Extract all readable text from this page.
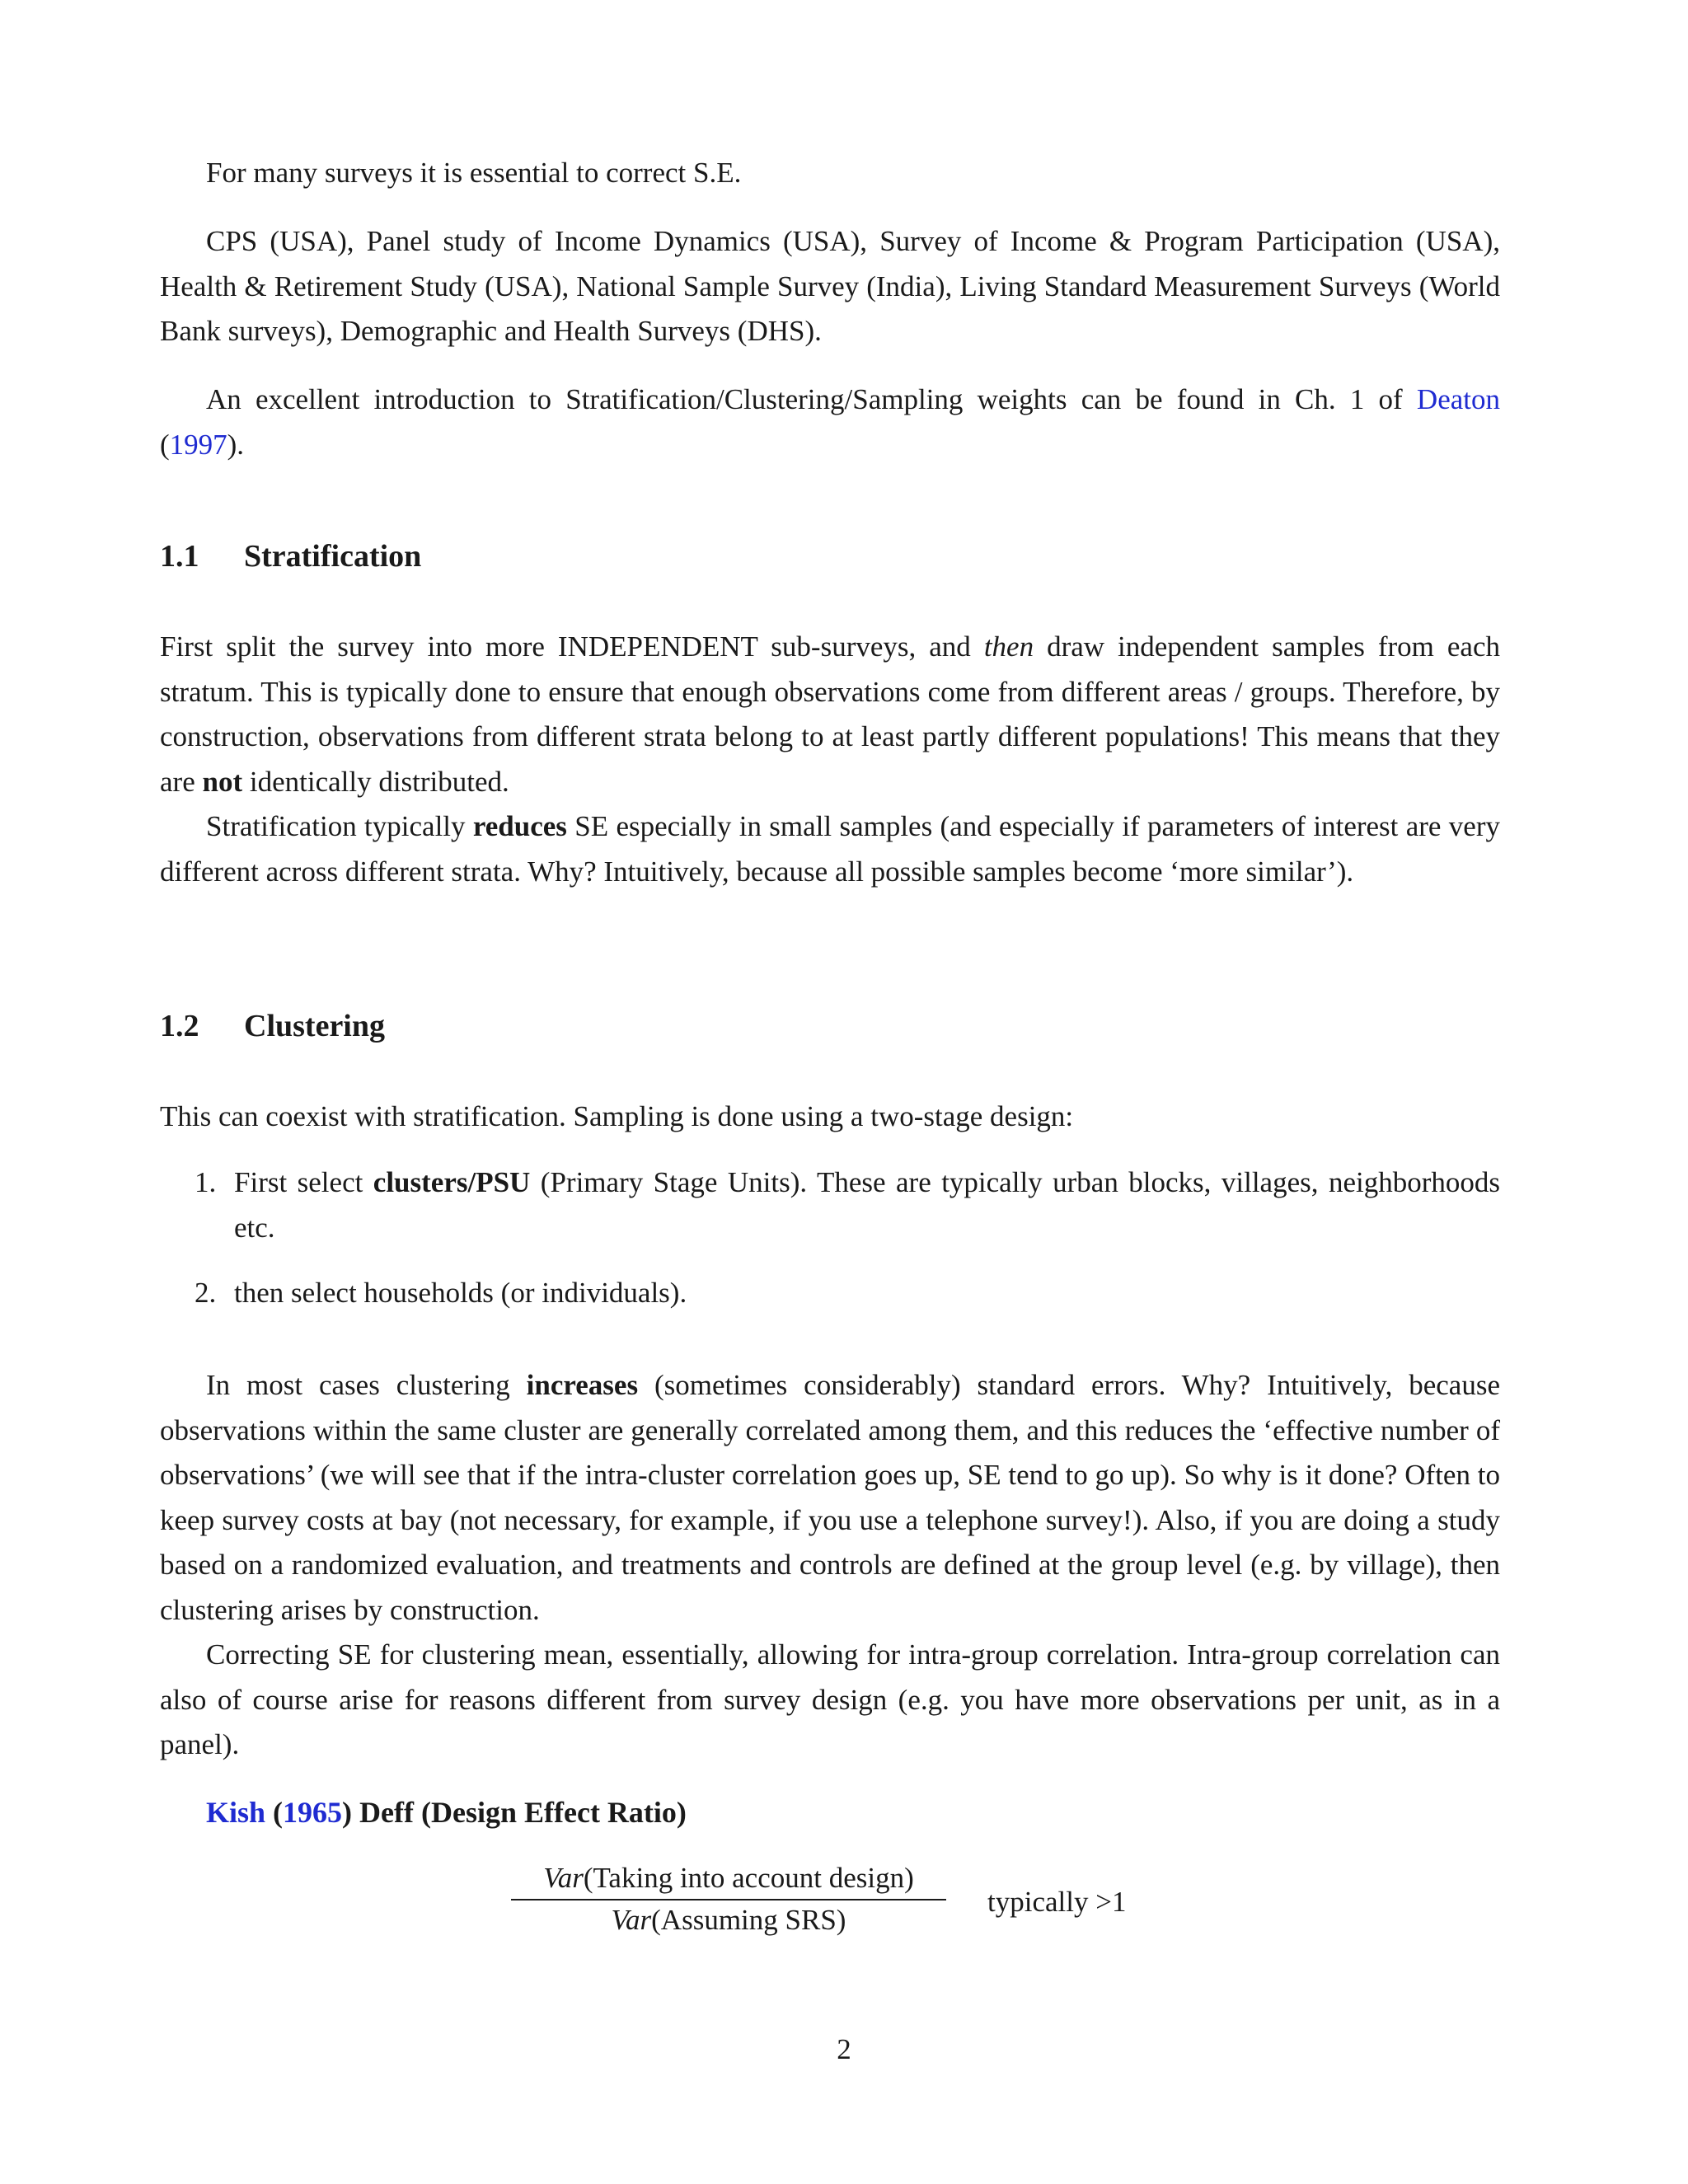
For many surveys it is essential to correct S.E.
CPS (USA), Panel study of Income Dynamics (USA), Survey of Income & Program Participation (USA), Health & Retirement Study (USA), National Sample Survey (India), Living Standard Measurement Surveys (World Bank surveys), Demographic and Health Surveys (DHS).
An excellent introduction to Stratification/Clustering/Sampling weights can be found in Ch. 1 of Deaton (1997).
1.1 Stratification
First split the survey into more INDEPENDENT sub-surveys, and then draw independent samples from each stratum. This is typically done to ensure that enough observations come from different areas / groups. Therefore, by construction, observations from different strata belong to at least partly different populations! This means that they are not identically distributed.
Stratification typically reduces SE especially in small samples (and especially if parameters of interest are very different across different strata. Why? Intuitively, because all possible samples become ‘more similar’).
1.2 Clustering
This can coexist with stratification. Sampling is done using a two-stage design:
1. First select clusters/PSU (Primary Stage Units). These are typically urban blocks, villages, neighborhoods etc.
2. then select households (or individuals).
In most cases clustering increases (sometimes considerably) standard errors. Why? Intuitively, because observations within the same cluster are generally correlated among them, and this reduces the ‘effective number of observations’ (we will see that if the intra-cluster correlation goes up, SE tend to go up). So why is it done? Often to keep survey costs at bay (not necessary, for example, if you use a telephone survey!). Also, if you are doing a study based on a randomized evaluation, and treatments and controls are defined at the group level (e.g. by village), then clustering arises by construction.
Correcting SE for clustering mean, essentially, allowing for intra-group correlation. Intra-group correlation can also of course arise for reasons different from survey design (e.g. you have more observations per unit, as in a panel).
Kish (1965) Deff (Design Effect Ratio)
Var(Taking into account design)
Var(Assuming SRS)
typically >1
2
